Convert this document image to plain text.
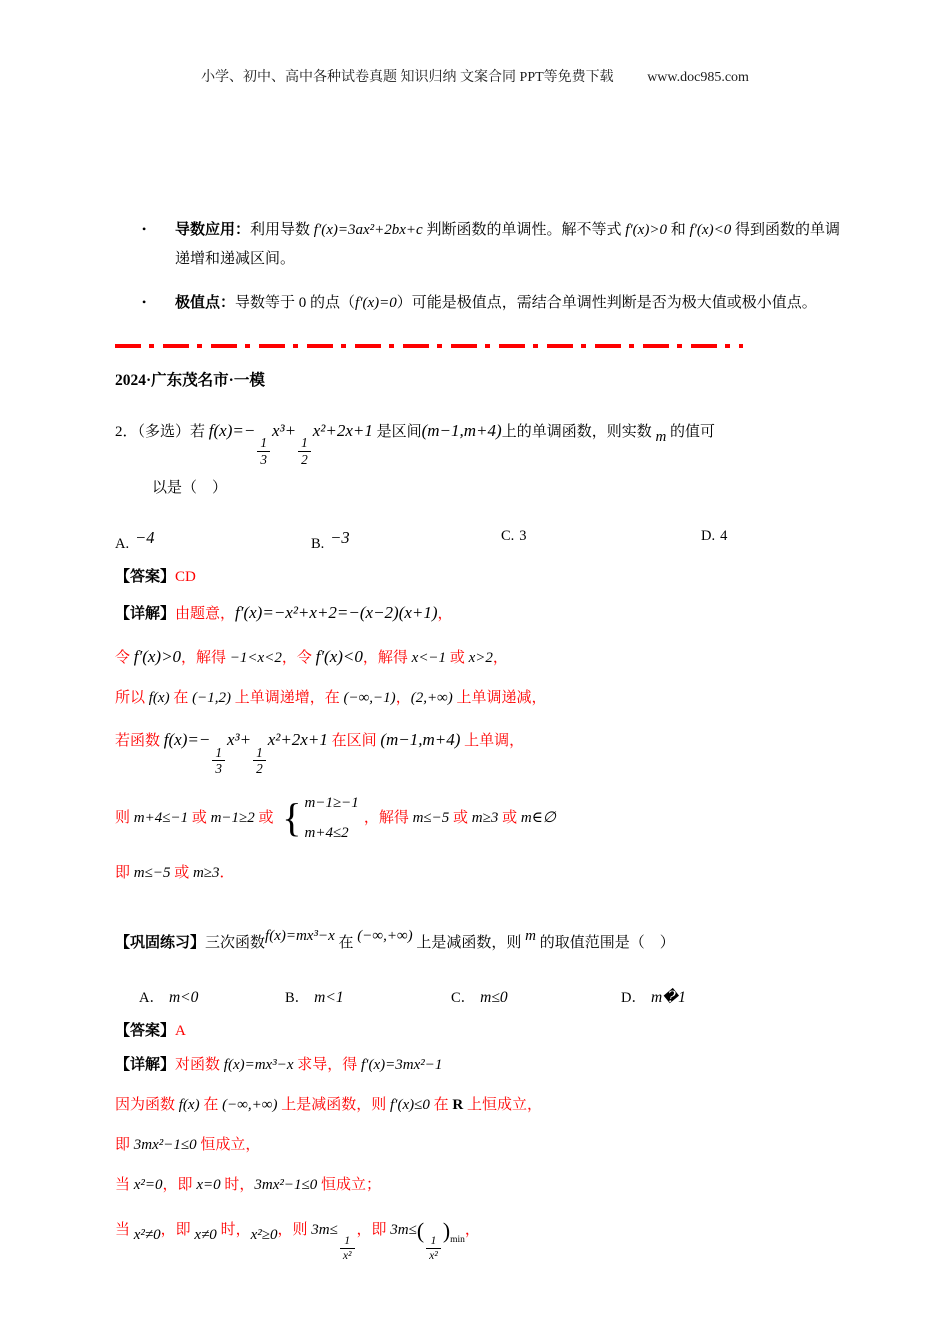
小学、初中、高中各种试卷真题 知识归纳 文案合同 PPT等免费下载 www.doc985.com
•	导数应用：利用导数 f′(x)=3ax²+2bx+c 判断函数的单调性。解不等式 f′(x)>0 和 f′(x)<0 得到函数的单调递增和递减区间。
•	极值点：导数等于 0 的点（f′(x)=0）可能是极值点，需结合单调性判断是否为极大值或极小值点。
2024·广东茂名市·一模

2．（多选）若 f(x)=−
$\frac{1}{3}$
x³+
$\frac{1}{2}$
x²+2x+1 是区间(m−1,m+4)上的单调函数，则实数 m 的值可
以是（　）

A. −4	B. −3	C. 3	D. 4

【答案】CD

【详解】由题意，f′(x)=−x²+x+2=−(x−2)(x+1)，

令 f′(x)>0，解得 −1<x<2，令 f′(x)<0，解得 x<−1 或 x>2，

所以 f(x) 在 (−1,2) 上单调递增，在 (−∞,−1)，(2,+∞) 上单调递减，

若函数 f(x)=−
$\frac{1}{3}$
x³+
$\frac{1}{2}$
x²+2x+1 在区间 (m−1,m+4) 上单调，

则 m+4≤−1 或 m−1≥2 或 { m−1≥−1
m+4≤2
，解得 m≤−5 或 m≥3 或 m∈∅

即 m≤−5 或 m≥3．

【巩固练习】三次函数f(x)=mx³−x 在 (−∞,+∞) 上是减函数，则 m 的取值范围是（　）

A． m<0	B． m<1	C． m≤0	D． m�1

【答案】A

【详解】对函数 f(x)=mx³−x 求导，得 f′(x)=3mx²−1

因为函数 f(x) 在 (−∞,+∞) 上是减函数，则 f′(x)≤0 在 R 上恒成立，

即 3mx²−1≤0 恒成立，

当 x²=0，即 x=0 时，3mx²−1≤0 恒成立；

当 x²≠0，即 x≠0 时，x²≥0，则 3m≤
$\frac{1}{\text{x²}}$
，即 3m≤(
$\frac{1}{\text{x²}}$
)$_{min}$，
